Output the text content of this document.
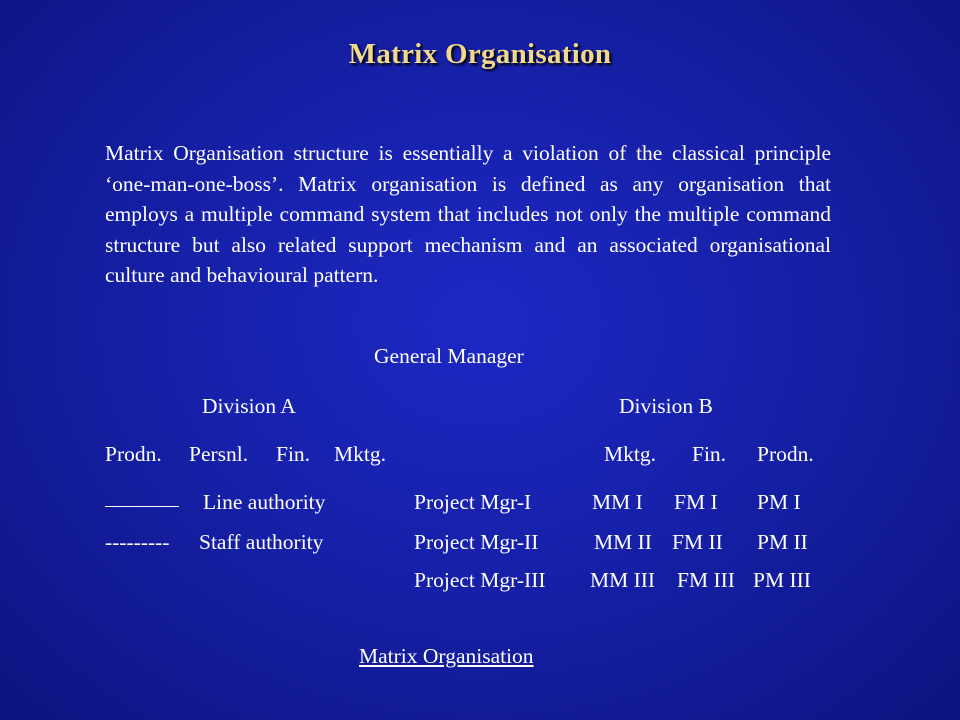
Matrix Organisation
Matrix Organisation structure is essentially a violation of the classical principle ‘one-man-one-boss’. Matrix organisation is defined as any organisation that employs a multiple command system that includes not only the multiple command structure but also related support mechanism and an associated organisational culture and behavioural pattern.
General Manager
Division A	Division B
Prodn. Persnl. Fin. Mktg.	Mktg. Fin. Prodn.
Line authority
--------- Staff authority
Project Mgr-I	MM I FM I PM I
Project Mgr-II	MM II FM II PM II
Project Mgr-III MM III FM III PM III
Matrix Organisation
